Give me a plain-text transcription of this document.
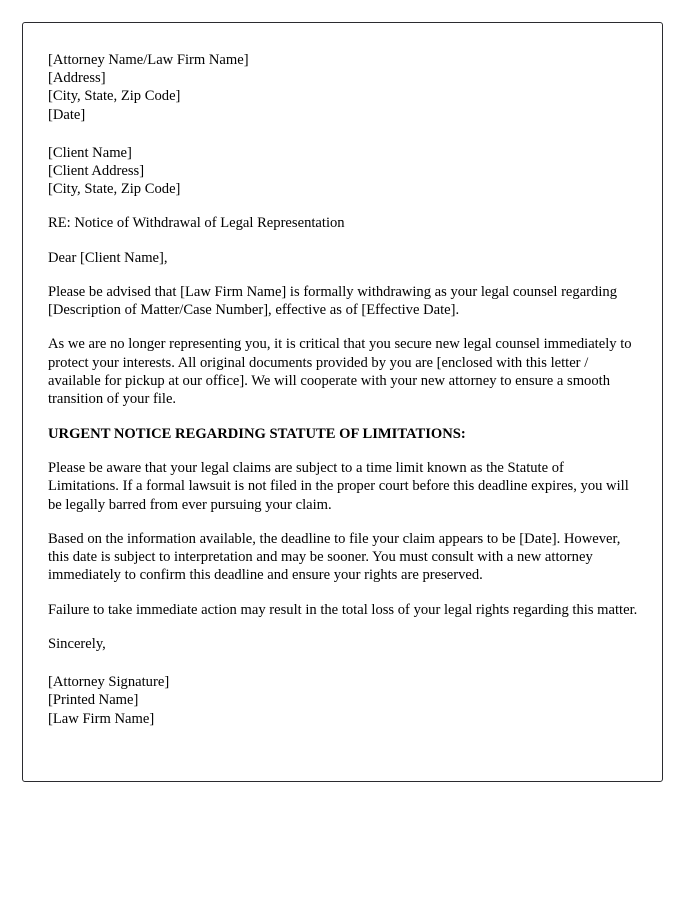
[Attorney Name/Law Firm Name]
[Address]
[City, State, Zip Code]
[Date]
[Client Name]
[Client Address]
[City, State, Zip Code]
RE: Notice of Withdrawal of Legal Representation
Dear [Client Name],

Please be advised that [Law Firm Name] is formally withdrawing as your legal counsel regarding [Description of Matter/Case Number], effective as of [Effective Date].

As we are no longer representing you, it is critical that you secure new legal counsel immediately to protect your interests. All original documents provided by you are [enclosed with this letter / available for pickup at our office]. We will cooperate with your new attorney to ensure a smooth transition of your file.

URGENT NOTICE REGARDING STATUTE OF LIMITATIONS:

Please be aware that your legal claims are subject to a time limit known as the Statute of Limitations. If a formal lawsuit is not filed in the proper court before this deadline expires, you will be legally barred from ever pursuing your claim.

Based on the information available, the deadline to file your claim appears to be [Date]. However, this date is subject to interpretation and may be sooner. You must consult with a new attorney immediately to confirm this deadline and ensure your rights are preserved.

Failure to take immediate action may result in the total loss of your legal rights regarding this matter.

Sincerely,
[Attorney Signature]
[Printed Name]
[Law Firm Name]
